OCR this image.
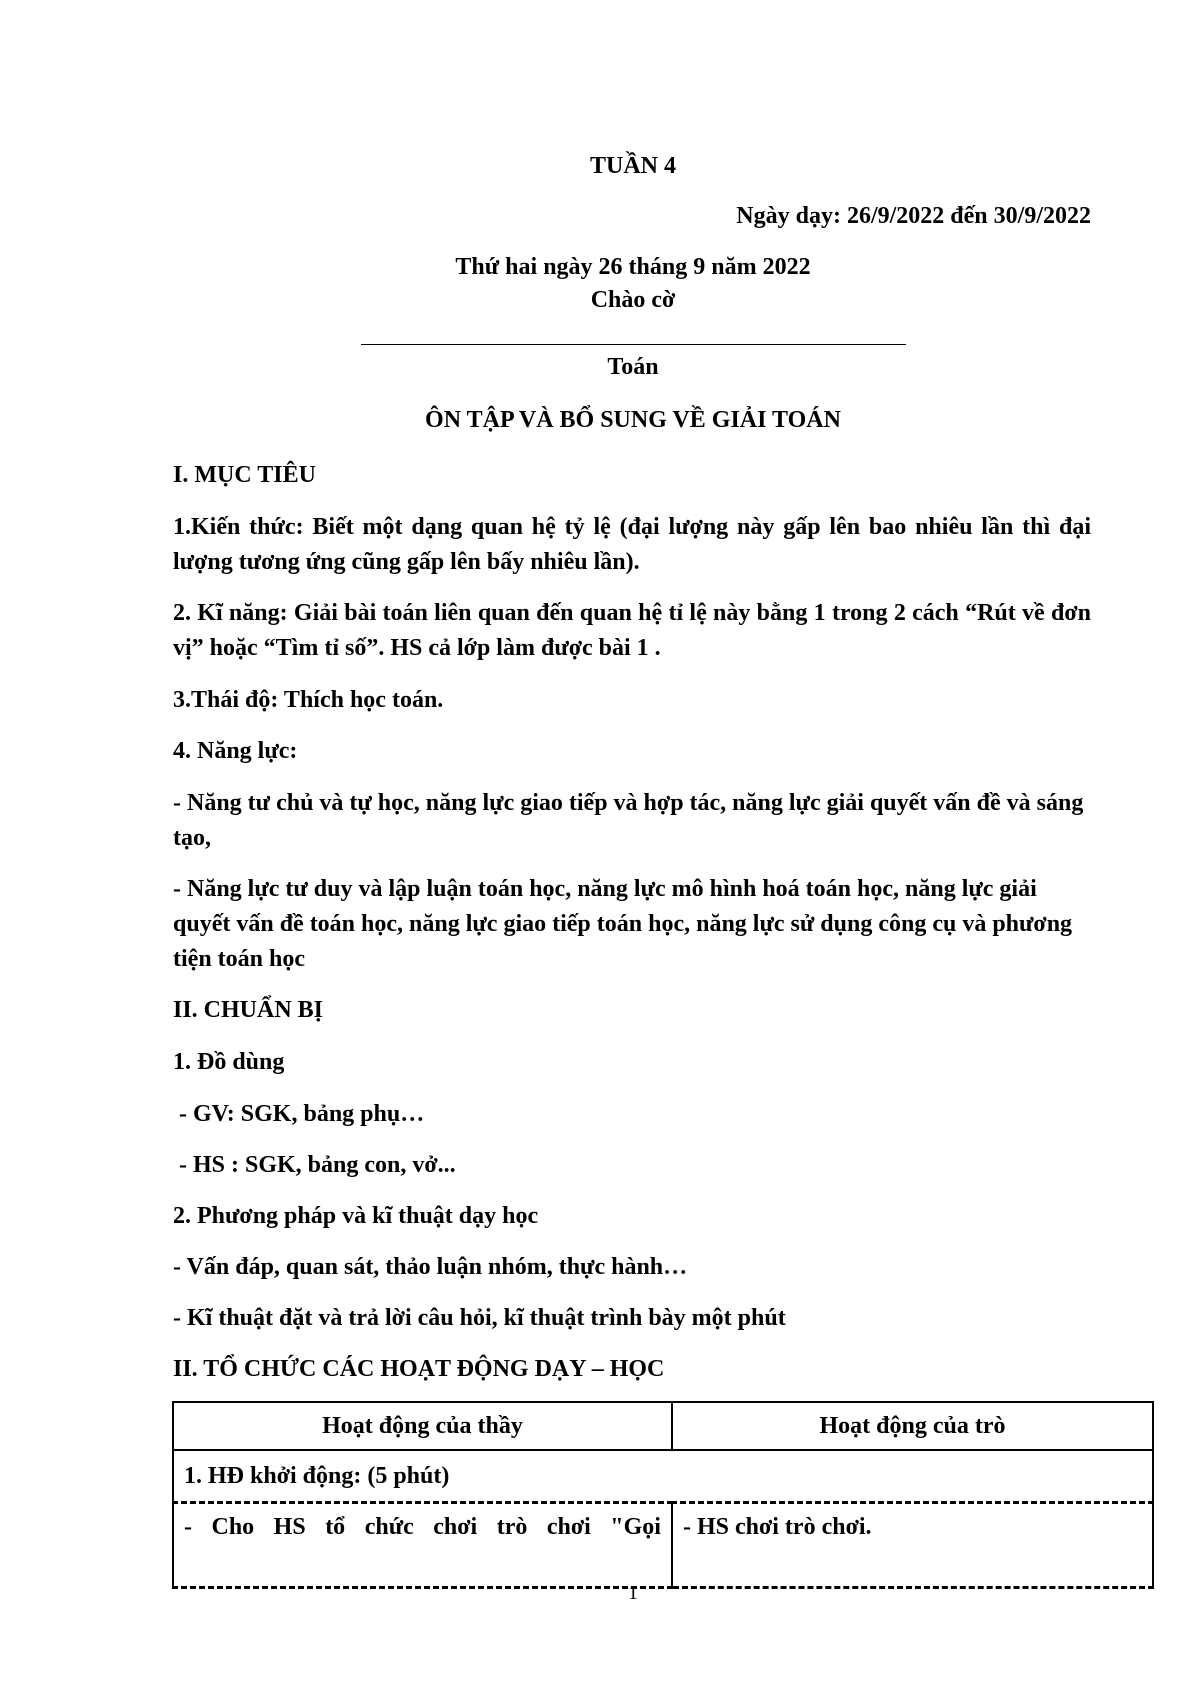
TUẦN 4
Ngày dạy: 26/9/2022 đến 30/9/2022
Thứ hai ngày 26 tháng 9 năm 2022
Chào cờ
Toán
ÔN TẬP VÀ BỔ SUNG VỀ GIẢI TOÁN
I. MỤC TIÊU
1.Kiến thức: Biết một dạng quan hệ tỷ lệ (đại lượng này gấp lên bao nhiêu lần thì đại lượng tương ứng cũng gấp lên bấy nhiêu lần).
2. Kĩ năng: Giải bài toán liên quan đến quan hệ tỉ lệ này bằng 1 trong 2 cách “Rút về đơn vị” hoặc “Tìm tỉ số”. HS cả lớp làm được bài 1 .
3.Thái độ: Thích học toán.
4. Năng lực:
- Năng tư chủ và tự học, năng lực giao tiếp và hợp tác, năng lực giải quyết vấn đề và sáng tạo,
- Năng lực tư duy và lập luận toán học, năng lực mô hình hoá toán học, năng lực giải quyết vấn đề toán học, năng lực giao tiếp toán học, năng lực sử dụng công cụ và phương tiện toán học
II. CHUẨN BỊ
1. Đồ dùng
- GV: SGK, bảng phụ…
- HS : SGK, bảng con, vở...
2. Phương pháp và kĩ thuật dạy học
- Vấn đáp, quan sát, thảo luận nhóm, thực hành…
- Kĩ thuật đặt và trả lời câu hỏi, kĩ thuật trình bày một phút
II. TỔ CHỨC CÁC HOẠT ĐỘNG DẠY – HỌC
Hoạt động của thầy	Hoạt động của trò
1. HĐ khởi động: (5 phút)	
- Cho HS tổ chức chơi trò chơi "Gọi	- HS chơi trò chơi.
1
